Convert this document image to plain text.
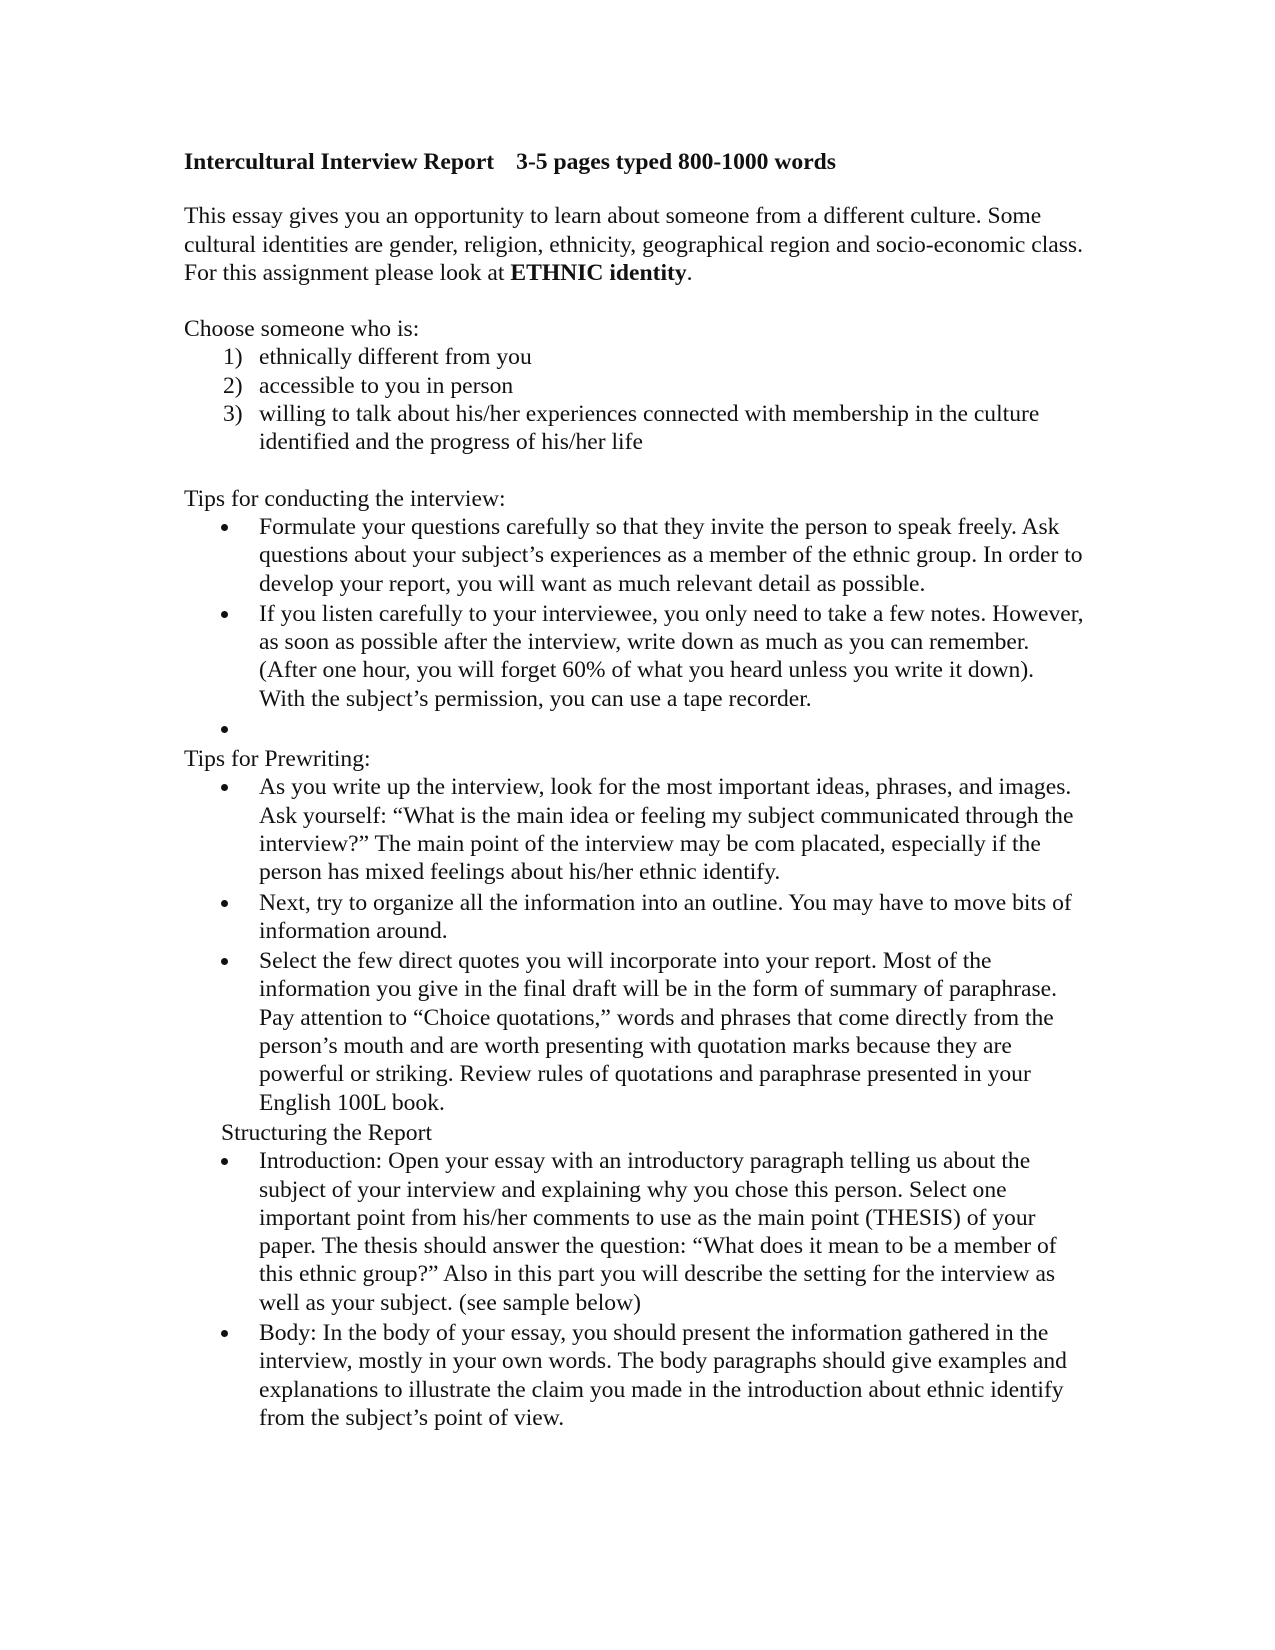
Intercultural Interview Report 3-5 pages typed 800-1000 words

This essay gives you an opportunity to learn about someone from a different culture. Some cultural identities are gender, religion, ethnicity, geographical region and socio-economic class. For this assignment please look at ETHNIC identity.

Choose someone who is:

1) ethnically different from you
2) accessible to you in person
3) willing to talk about his/her experiences connected with membership in the culture identified and the progress of his/her life

Tips for conducting the interview:

Formulate your questions carefully so that they invite the person to speak freely. Ask questions about your subject’s experiences as a member of the ethnic group. In order to develop your report, you will want as much relevant detail as possible.
If you listen carefully to your interviewee, you only need to take a few notes. However, as soon as possible after the interview, write down as much as you can remember. (After one hour, you will forget 60% of what you heard unless you write it down). With the subject’s permission, you can use a tape recorder.

Tips for Prewriting:

As you write up the interview, look for the most important ideas, phrases, and images. Ask yourself: “What is the main idea or feeling my subject communicated through the interview?” The main point of the interview may be com placated, especially if the person has mixed feelings about his/her ethnic identify.
Next, try to organize all the information into an outline. You may have to move bits of information around.
Select the few direct quotes you will incorporate into your report. Most of the information you give in the final draft will be in the form of summary of paraphrase. Pay attention to “Choice quotations,” words and phrases that come directly from the person’s mouth and are worth presenting with quotation marks because they are powerful or striking. Review rules of quotations and paraphrase presented in your English 100L book.

Structuring the Report

Introduction: Open your essay with an introductory paragraph telling us about the subject of your interview and explaining why you chose this person. Select one important point from his/her comments to use as the main point (THESIS) of your paper. The thesis should answer the question: “What does it mean to be a member of this ethnic group?” Also in this part you will describe the setting for the interview as well as your subject. (see sample below)
Body: In the body of your essay, you should present the information gathered in the interview, mostly in your own words. The body paragraphs should give examples and explanations to illustrate the claim you made in the introduction about ethnic identify from the subject’s point of view.
